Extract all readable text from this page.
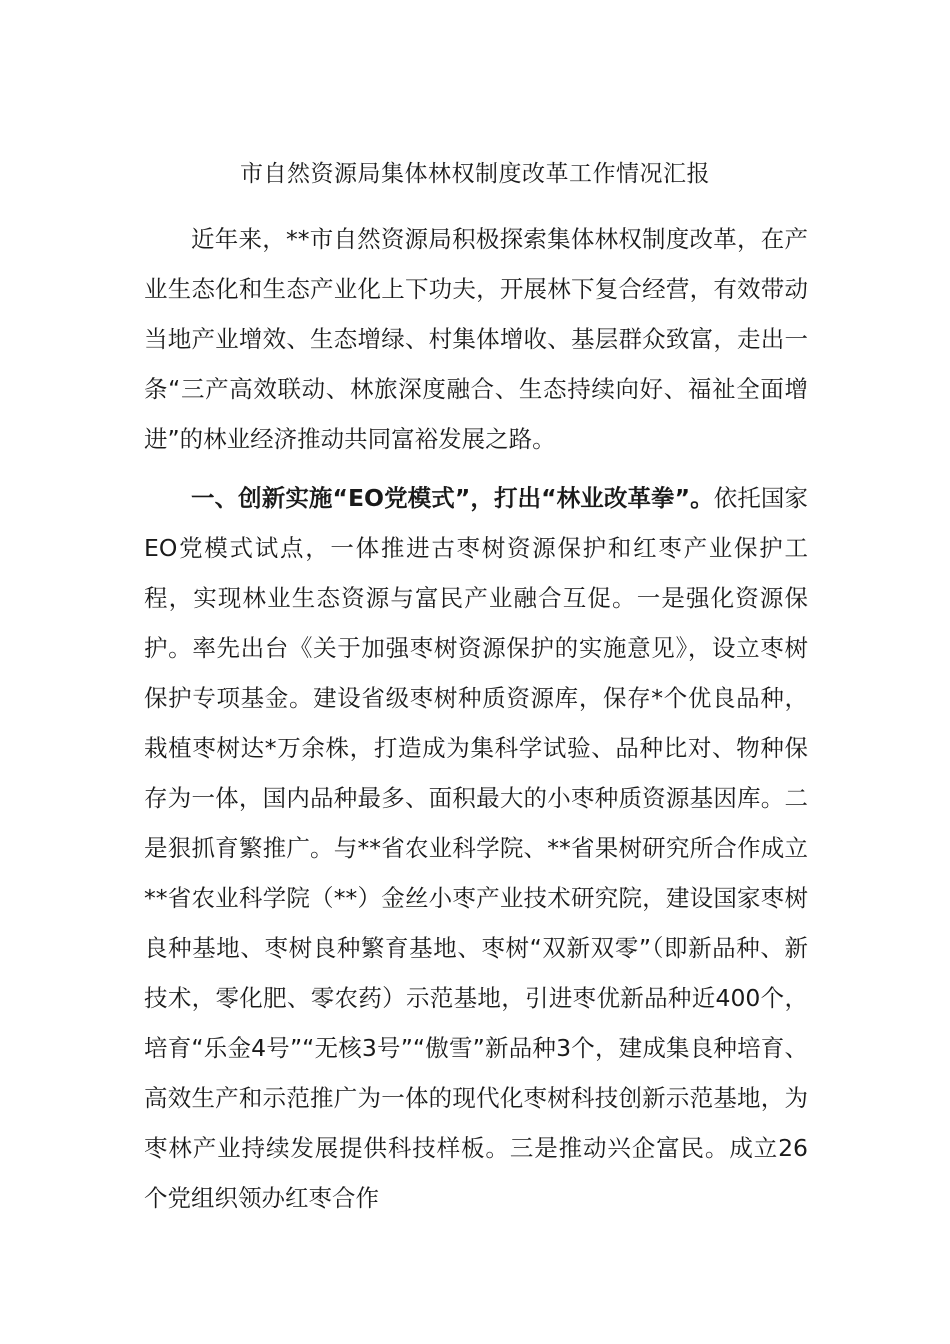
市自然资源局集体林权制度改革工作情况汇报

近年来，**市自然资源局积极探索集体林权制度改革，在产业生态化和生态产业化上下功夫，开展林下复合经营，有效带动当地产业增效、生态增绿、村集体增收、基层群众致富，走出一条“三产高效联动、林旅深度融合、生态持续向好、福祉全面增进”的林业经济推动共同富裕发展之路。

一、创新实施“EO党模式”，打出“林业改革拳”。依托国家EO党模式试点，一体推进古枣树资源保护和红枣产业保护工程，实现林业生态资源与富民产业融合互促。一是强化资源保护。率先出台《关于加强枣树资源保护的实施意见》，设立枣树保护专项基金。建设省级枣树种质资源库，保存*个优良品种，栽植枣树达*万余株，打造成为集科学试验、品种比对、物种保存为一体，国内品种最多、面积最大的小枣种质资源基因库。二是狠抓育繁推广。与**省农业科学院、**省果树研究所合作成立**省农业科学院（**）金丝小枣产业技术研究院，建设国家枣树良种基地、枣树良种繁育基地、枣树“双新双零”（即新品种、新技术，零化肥、零农药）示范基地，引进枣优新品种近400个，培育“乐金4号”“无核3号”“傲雪”新品种3个，建成集良种培育、高效生产和示范推广为一体的现代化枣树科技创新示范基地，为枣林产业持续发展提供科技样板。三是推动兴企富民。成立26个党组织领办红枣合作
